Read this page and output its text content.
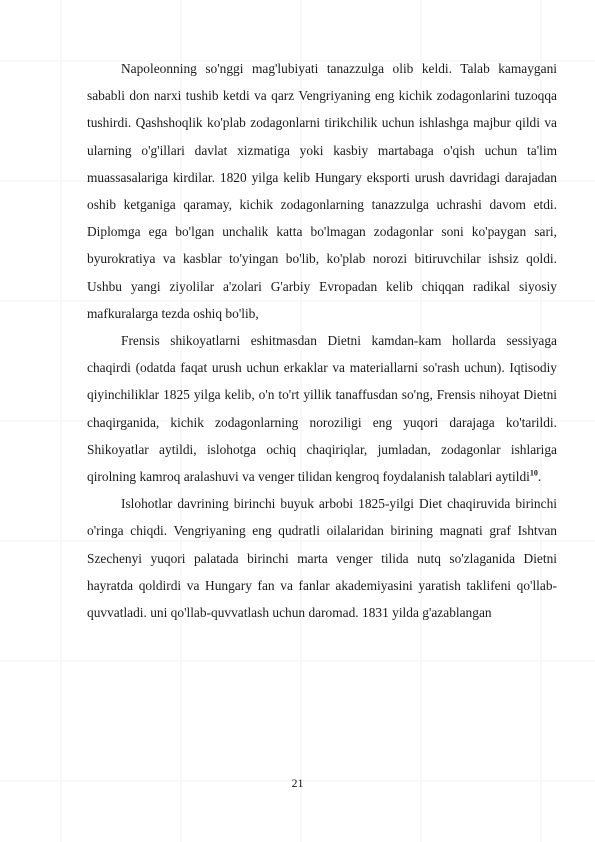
Napoleonning so'nggi mag'lubiyati tanazzulga olib keldi. Talab kamaygani sababli don narxi tushib ketdi va qarz Vengriyaning eng kichik zodagonlarini tuzoqqa tushirdi. Qashshoqlik ko'plab zodagonlarni tirikchilik uchun ishlashga majbur qildi va ularning o'g'illari davlat xizmatiga yoki kasbiy martabaga o'qish uchun ta'lim muassasalariga kirdilar. 1820 yilga kelib Hungary eksporti urush davridagi darajadan oshib ketganiga qaramay, kichik zodagonlarning tanazzulga uchrashi davom etdi. Diplomga ega bo'lgan unchalik katta bo'lmagan zodagonlar soni ko'paygan sari, byurokratiya va kasblar to'yingan bo'lib, ko'plab norozi bitiruvchilar ishsiz qoldi. Ushbu yangi ziyolilar a'zolari G'arbiy Evropadan kelib chiqqan radikal siyosiy mafkuralarga tezda oshiq bo'lib,

Frensis shikoyatlarni eshitmasdan Dietni kamdan-kam hollarda sessiyaga chaqirdi (odatda faqat urush uchun erkaklar va materiallarni so'rash uchun). Iqtisodiy qiyinchiliklar 1825 yilga kelib, o'n to'rt yillik tanaffusdan so'ng, Frensis nihoyat Dietni chaqirganida, kichik zodagonlarning noroziligi eng yuqori darajaga ko'tarildi. Shikoyatlar aytildi, islohotga ochiq chaqiriqlar, jumladan, zodagonlar ishlariga qirolning kamroq aralashuvi va venger tilidan kengroq foydalanish talablari aytildi$^{10}$.

Islohotlar davrining birinchi buyuk arbobi 1825-yilgi Diet chaqiruvida birinchi o'ringa chiqdi. Vengriyaning eng qudratli oilalaridan birining magnati graf Ishtvan Szechenyi yuqori palatada birinchi marta venger tilida nutq so'zlaganida Dietni hayratda qoldirdi va Hungary fan va fanlar akademiyasini yaratish taklifeni qo'llab-quvvatladi. uni qo'llab-quvvatlash uchun daromad. 1831 yilda g'azablangan

21
